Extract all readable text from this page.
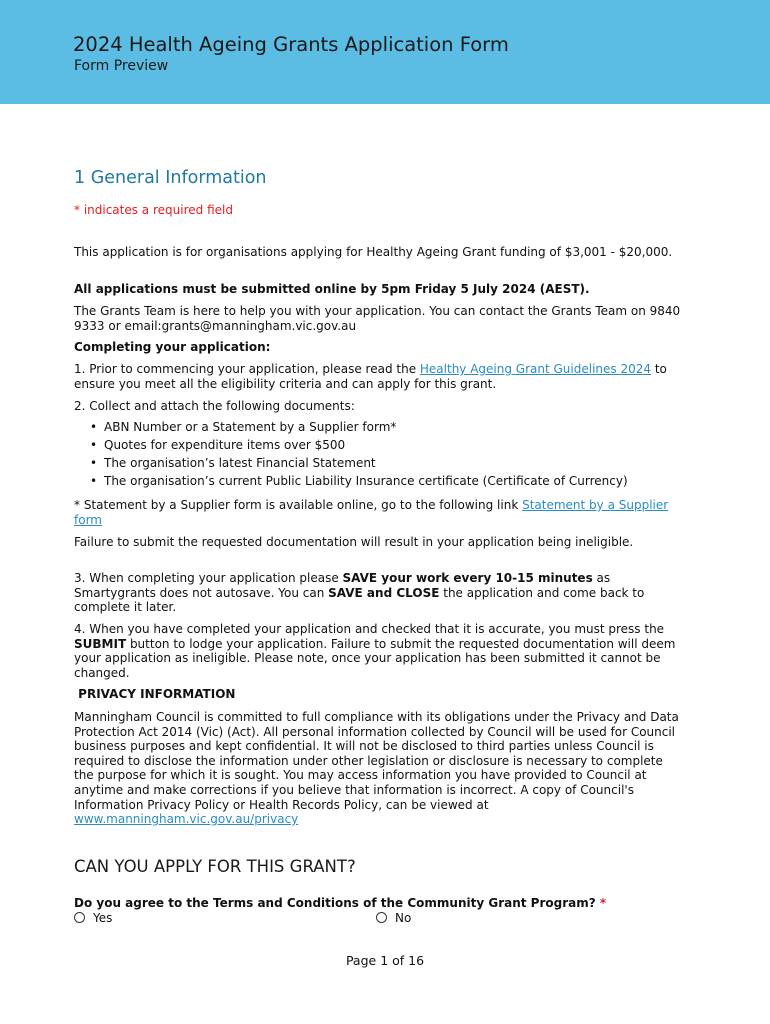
2024 Health Ageing Grants Application Form
Form Preview
1 General Information
* indicates a required field
This application is for organisations applying for Healthy Ageing Grant funding of $3,001 - $20,000.
All applications must be submitted online by 5pm Friday 5 July 2024 (AEST).
The Grants Team is here to help you with your application. You can contact the Grants Team on 9840 9333 or email:grants@manningham.vic.gov.au
Completing your application:
1. Prior to commencing your application, please read the Healthy Ageing Grant Guidelines 2024 to ensure you meet all the eligibility criteria and can apply for this grant.
2. Collect and attach the following documents:
• ABN Number or a Statement by a Supplier form*
• Quotes for expenditure items over $500
• The organisation’s latest Financial Statement
• The organisation’s current Public Liability Insurance certificate (Certificate of Currency)
* Statement by a Supplier form is available online, go to the following link Statement by a Supplier form
Failure to submit the requested documentation will result in your application being ineligible.
3. When completing your application please SAVE your work every 10-15 minutes as Smartygrants does not autosave. You can SAVE and CLOSE the application and come back to complete it later.
4. When you have completed your application and checked that it is accurate, you must press the SUBMIT button to lodge your application. Failure to submit the requested documentation will deem your application as ineligible. Please note, once your application has been submitted it cannot be changed.
PRIVACY INFORMATION
Manningham Council is committed to full compliance with its obligations under the Privacy and Data Protection Act 2014 (Vic) (Act). All personal information collected by Council will be used for Council business purposes and kept confidential. It will not be disclosed to third parties unless Council is required to disclose the information under other legislation or disclosure is necessary to complete the purpose for which it is sought. You may access information you have provided to Council at anytime and make corrections if you believe that information is incorrect. A copy of Council's Information Privacy Policy or Health Records Policy, can be viewed at www.manningham.vic.gov.au/privacy
CAN YOU APPLY FOR THIS GRANT?
Do you agree to the Terms and Conditions of the Community Grant Program? *
Yes	No
Page 1 of 16
